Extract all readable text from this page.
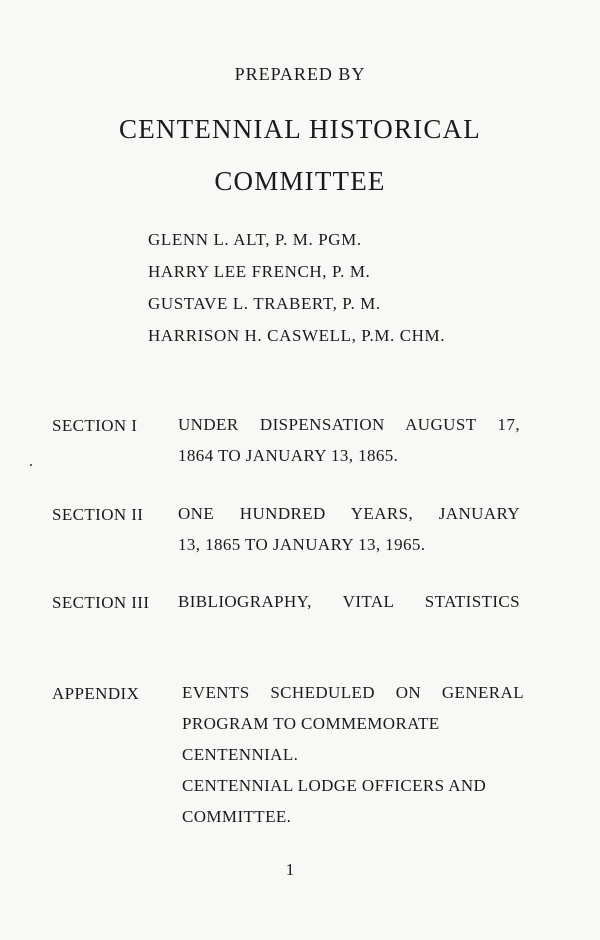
PREPARED BY
CENTENNIAL HISTORICAL
COMMITTEE
GLENN L. ALT, P. M. PGM.
HARRY LEE FRENCH, P. M.
GUSTAVE L. TRABERT, P. M.
HARRISON H. CASWELL, P.M. CHM.
SECTION I UNDER DISPENSATION AUGUST 17,
1864 TO JANUARY 13, 1865.
SECTION II ONE HUNDRED YEARS, JANUARY
13, 1865 TO JANUARY 13, 1965.
SECTION III BIBLIOGRAPHY, VITAL STATISTICS
APPENDIX	EVENTS SCHEDULED ON GENERAL
PROGRAM TO COMMEMORATE
CENTENNIAL.
CENTENNIAL LODGE OFFICERS AND
COMMITTEE.
1
